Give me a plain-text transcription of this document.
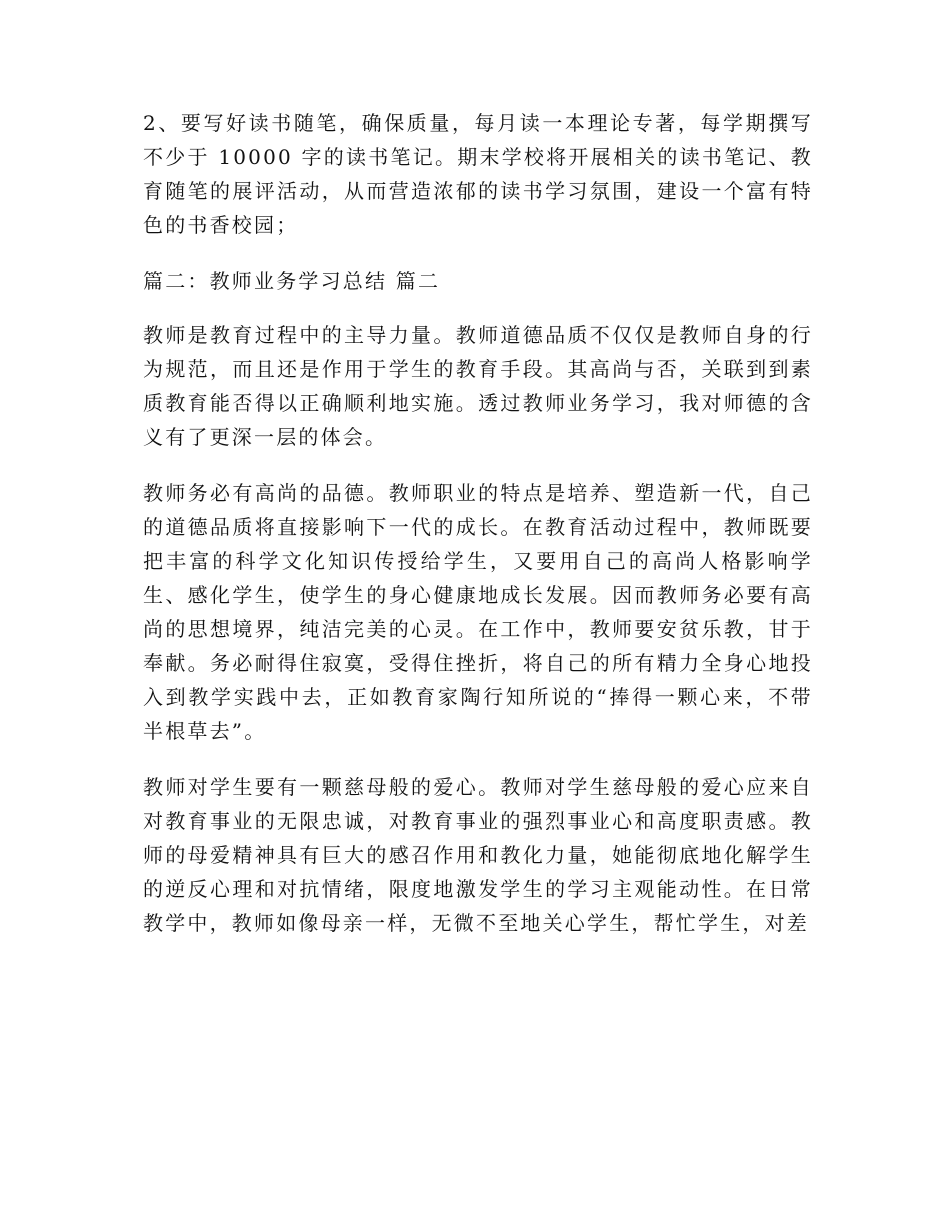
2、要写好读书随笔，确保质量，每月读一本理论专著，每学期撰写不少于 10000 字的读书笔记。期末学校将开展相关的读书笔记、教育随笔的展评活动，从而营造浓郁的读书学习氛围，建设一个富有特色的书香校园；

篇二：教师业务学习总结 篇二

教师是教育过程中的主导力量。教师道德品质不仅仅是教师自身的行为规范，而且还是作用于学生的教育手段。其高尚与否，关联到到素质教育能否得以正确顺利地实施。透过教师业务学习，我对师德的含义有了更深一层的体会。

教师务必有高尚的品德。教师职业的特点是培养、塑造新一代，自己的道德品质将直接影响下一代的成长。在教育活动过程中，教师既要把丰富的科学文化知识传授给学生，又要用自己的高尚人格影响学生、感化学生，使学生的身心健康地成长发展。因而教师务必要有高尚的思想境界，纯洁完美的心灵。在工作中，教师要安贫乐教，甘于奉献。务必耐得住寂寞，受得住挫折，将自己的所有精力全身心地投入到教学实践中去，正如教育家陶行知所说的“捧得一颗心来，不带半根草去”。

教师对学生要有一颗慈母般的爱心。教师对学生慈母般的爱心应来自对教育事业的无限忠诚，对教育事业的强烈事业心和高度职责感。教师的母爱精神具有巨大的感召作用和教化力量，她能彻底地化解学生的逆反心理和对抗情绪，限度地激发学生的学习主观能动性。在日常教学中，教师如像母亲一样，无微不至地关心学生，帮忙学生，对差
